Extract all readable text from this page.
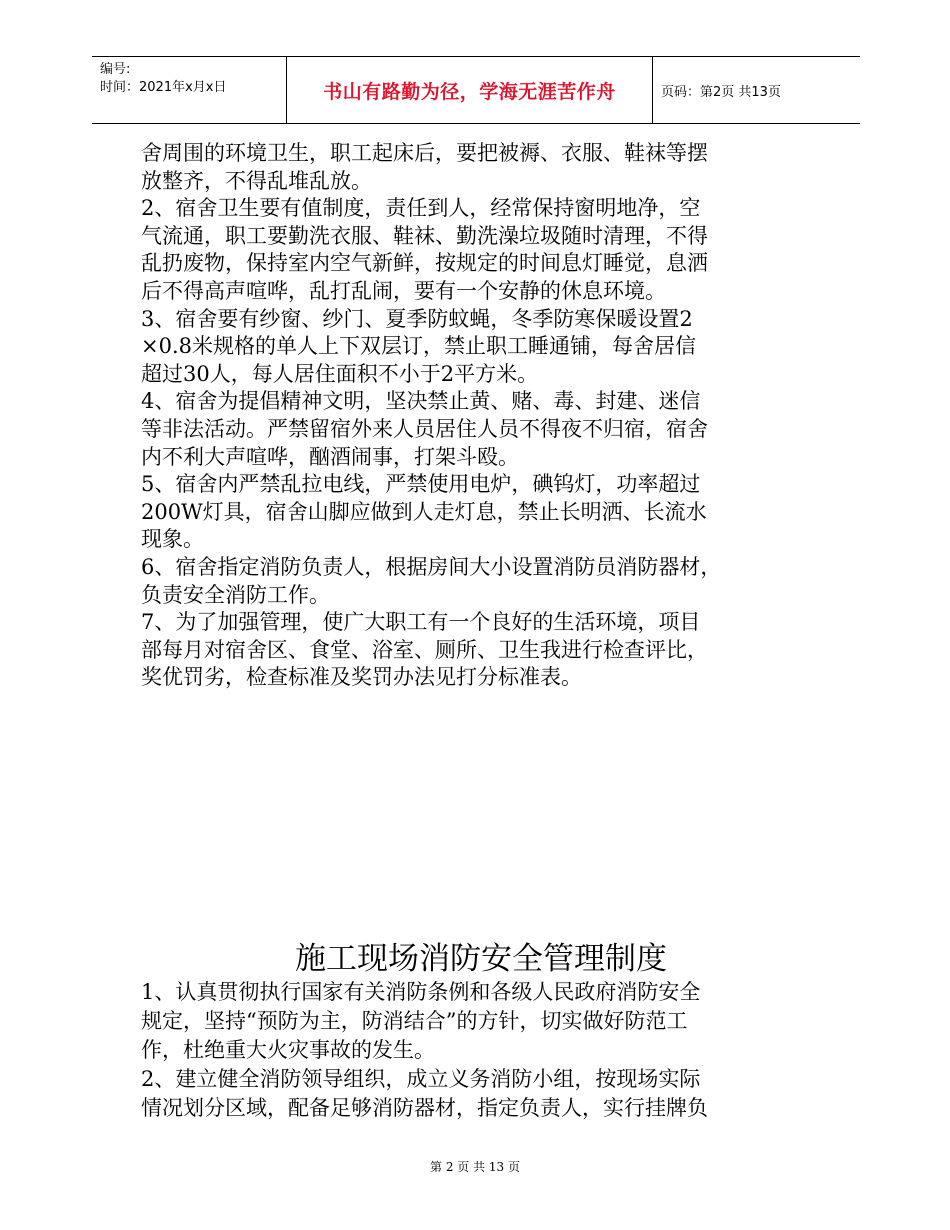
编号:
时间：2021年x月x日	书山有路勤为径，学海无涯苦作舟	页码：第2页 共13页

舍周围的环境卫生，职工起床后，要把被褥、衣服、鞋袜等摆
放整齐，不得乱堆乱放。

2、宿舍卫生要有值制度，责任到人，经常保持窗明地净，空
气流通，职工要勤洗衣服、鞋袜、勤洗澡垃圾随时清理，不得
乱扔废物，保持室内空气新鲜，按规定的时间息灯睡觉，息洒
后不得高声喧哗，乱打乱闹，要有一个安静的休息环境。

3、宿舍要有纱窗、纱门、夏季防蚊蝇，冬季防寒保暖设置2
×0.8米规格的单人上下双层订，禁止职工睡通铺，每舍居信
超过30人，每人居住面积不小于2平方米。

4、宿舍为提倡精神文明，坚决禁止黄、赌、毒、封建、迷信
等非法活动。严禁留宿外来人员居住人员不得夜不归宿，宿舍
内不利大声喧哗，酗酒闹事，打架斗殴。

5、宿舍内严禁乱拉电线，严禁使用电炉，碘钨灯，功率超过
200W灯具，宿舍山脚应做到人走灯息，禁止长明洒、长流水
现象。

6、宿舍指定消防负责人，根据房间大小设置消防员消防器材，
负责安全消防工作。

7、为了加强管理，使广大职工有一个良好的生活环境，项目
部每月对宿舍区、食堂、浴室、厕所、卫生我进行检查评比，
奖优罚劣，检查标准及奖罚办法见打分标准表。

施工现场消防安全管理制度

1、认真贯彻执行国家有关消防条例和各级人民政府消防安全
规定，坚持“预防为主，防消结合”的方针，切实做好防范工
作，杜绝重大火灾事故的发生。

2、建立健全消防领导组织，成立义务消防小组，按现场实际
情况划分区域，配备足够消防器材，指定负责人，实行挂牌负

第 2 页 共 13 页
